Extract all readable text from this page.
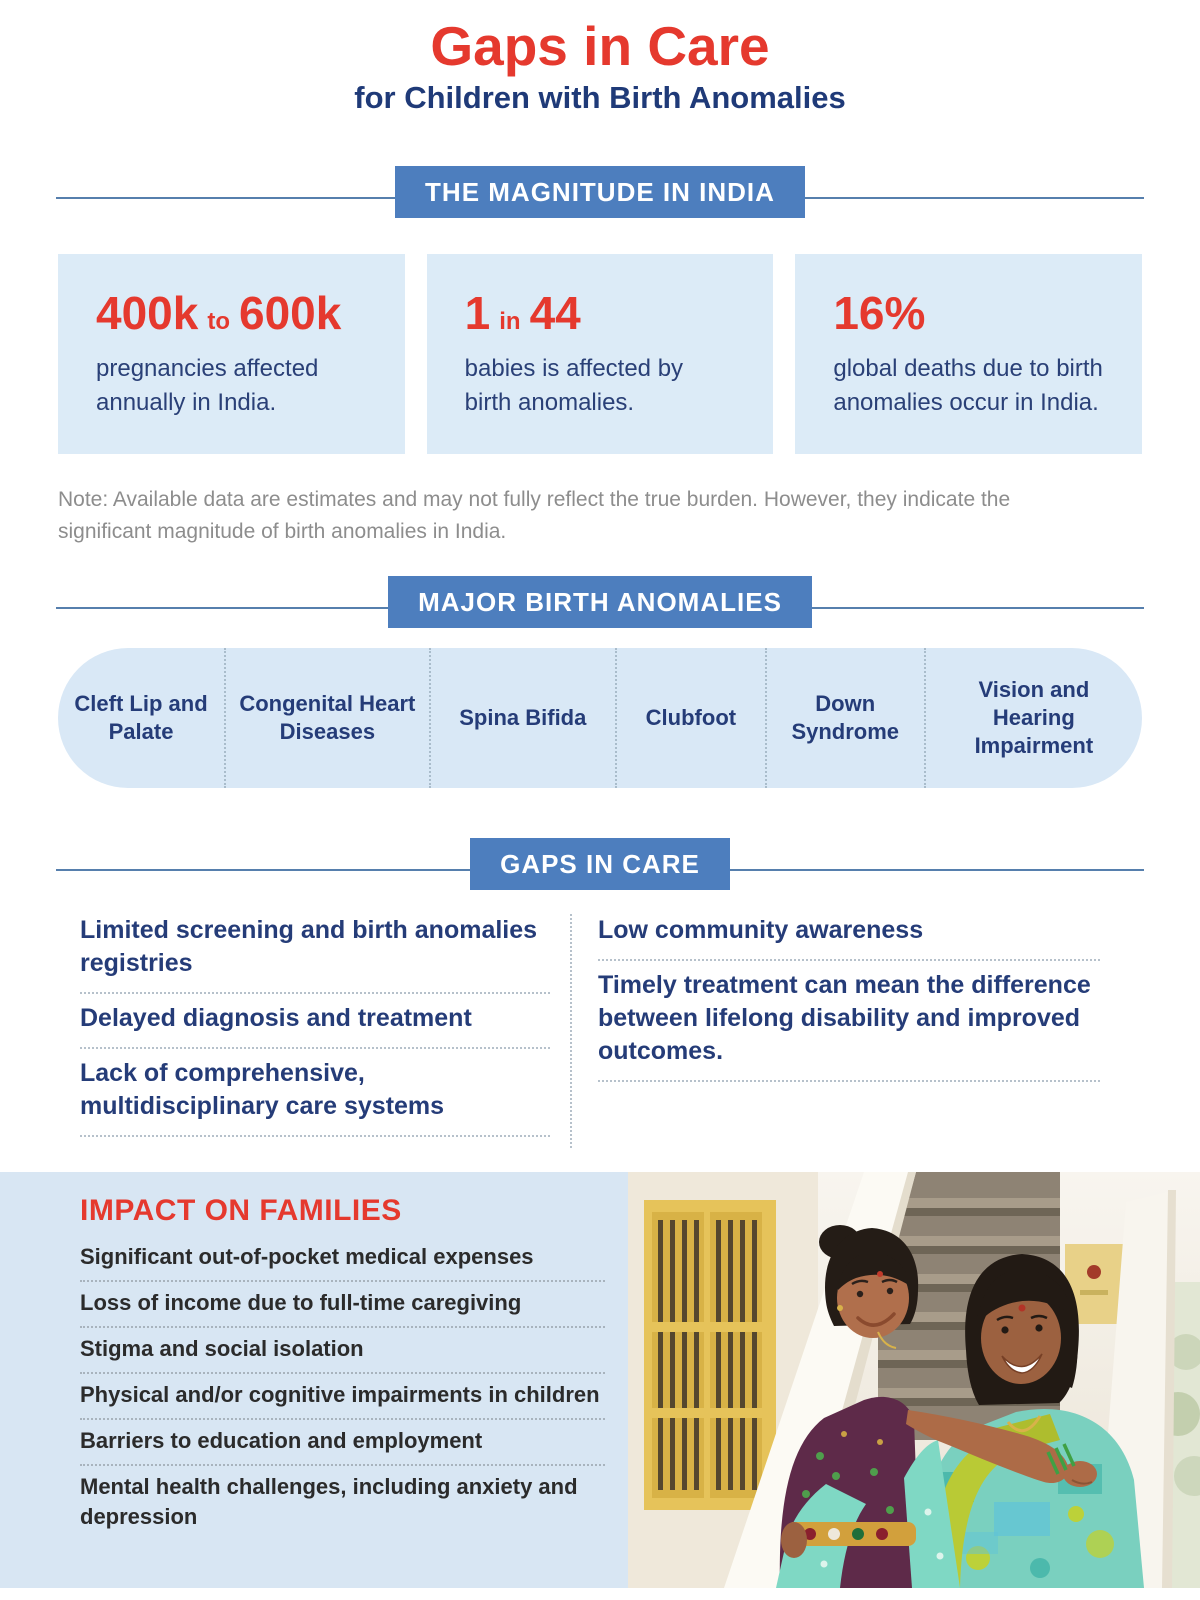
Gaps in Care
for Children with Birth Anomalies
THE MAGNITUDE IN INDIA
400k to 600k

pregnancies affected annually in India.

1 in 44

babies is affected by birth anomalies.

16%

global deaths due to birth anomalies occur in India.

Note: Available data are estimates and may not fully reflect the true burden. However, they indicate the significant magnitude of birth anomalies in India.

MAJOR BIRTH ANOMALIES
Cleft Lip and Palate
Congenital Heart Diseases
Spina Bifida	Clubfoot
Down Syndrome
Vision and Hearing Impairment
GAPS IN CARE
Limited screening and birth anomalies registries
Delayed diagnosis and treatment
Lack of comprehensive, multidisciplinary care systems
Low community awareness
Timely treatment can mean the difference between lifelong disability and improved outcomes.
IMPACT ON FAMILIES
Significant out-of-pocket medical expenses
Loss of income due to full-time caregiving
Stigma and social isolation
Physical and/or cognitive impairments in children
Barriers to education and employment
Mental health challenges, including anxiety and depression
